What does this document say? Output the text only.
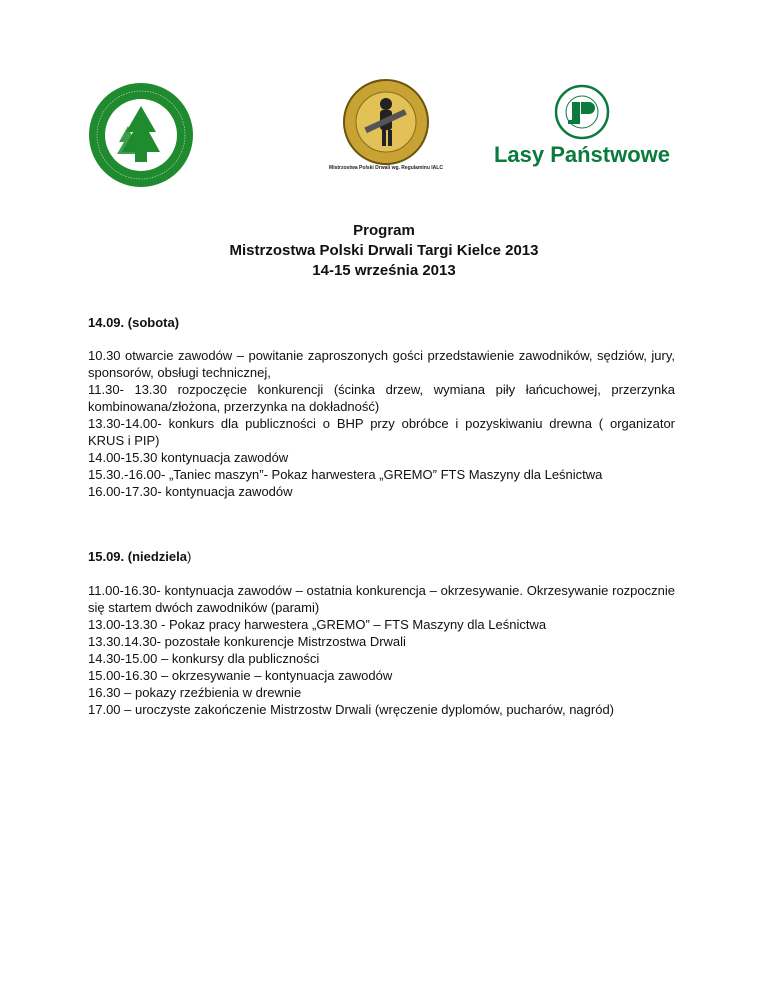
Mistrzostwa Polski Drwali wg. Regulaminu IALC
Lasy Państwowe
Program
Mistrzostwa Polski Drwali Targi Kielce 2013
14-15 września 2013
14.09. (sobota)

10.30 otwarcie zawodów – powitanie zaproszonych gości przedstawienie zawodników, sędziów, jury, sponsorów, obsługi technicznej,

11.30- 13.30 rozpoczęcie konkurencji (ścinka drzew, wymiana piły łańcuchowej, przerzynka kombinowana/złożona, przerzynka na dokładność)

13.30-14.00- konkurs dla publiczności o BHP przy obróbce i pozyskiwaniu drewna ( organizator KRUS i PIP)

14.00-15.30 kontynuacja zawodów

15.30.-16.00- „Taniec maszyn”- Pokaz harwestera „GREMO” FTS Maszyny dla Leśnictwa

16.00-17.30- kontynuacja zawodów

15.09. (niedziela)

11.00-16.30- kontynuacja zawodów – ostatnia konkurencja – okrzesywanie. Okrzesywanie rozpocznie się startem dwóch zawodników (parami)

13.00-13.30 - Pokaz pracy harwestera „GREMO” – FTS Maszyny dla Leśnictwa

13.30.14.30- pozostałe konkurencje Mistrzostwa Drwali

14.30-15.00 – konkursy dla publiczności

15.00-16.30 – okrzesywanie – kontynuacja zawodów

16.30 – pokazy rzeźbienia w drewnie

17.00 – uroczyste zakończenie Mistrzostw Drwali (wręczenie dyplomów, pucharów, nagród)
